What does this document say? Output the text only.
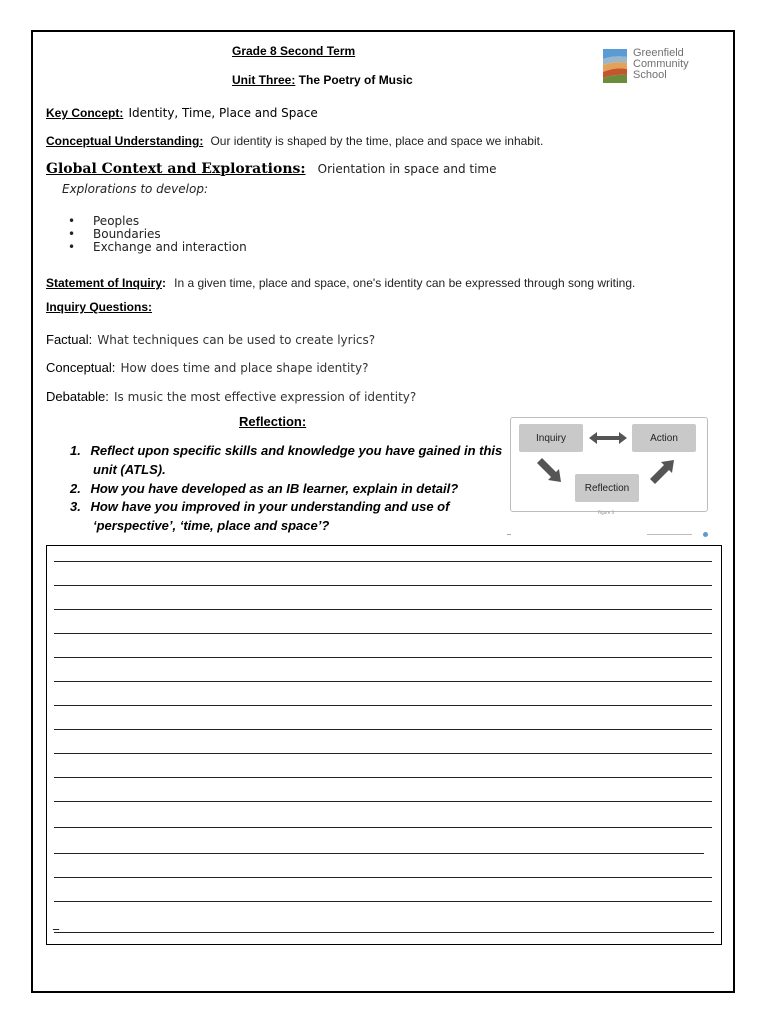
Grade 8 Second Term
Unit Three: The Poetry of Music
Greenfield
Community
School
Key Concept: Identity, Time, Place and Space
Conceptual Understanding: Our identity is shaped by the time, place and space we inhabit.
Global Context and Explorations: Orientation in space and time
Explorations to develop:
• Peoples
• Boundaries
• Exchange and interaction
Statement of Inquiry: In a given time, place and space, one's identity can be expressed through song writing.
Inquiry Questions:
Factual: What techniques can be used to create lyrics?
Conceptual: How does time and place shape identity?
Debatable: Is music the most effective expression of identity?
Reflection:
1. Reflect upon specific skills and knowledge you have gained in this
unit (ATLS).
2. How you have developed as an IB learner, explain in detail?
3. How have you improved in your understanding and use of
‘perspective’, ‘time, place and space’?
Inquiry	Action
Reflection
Figure 3
_
